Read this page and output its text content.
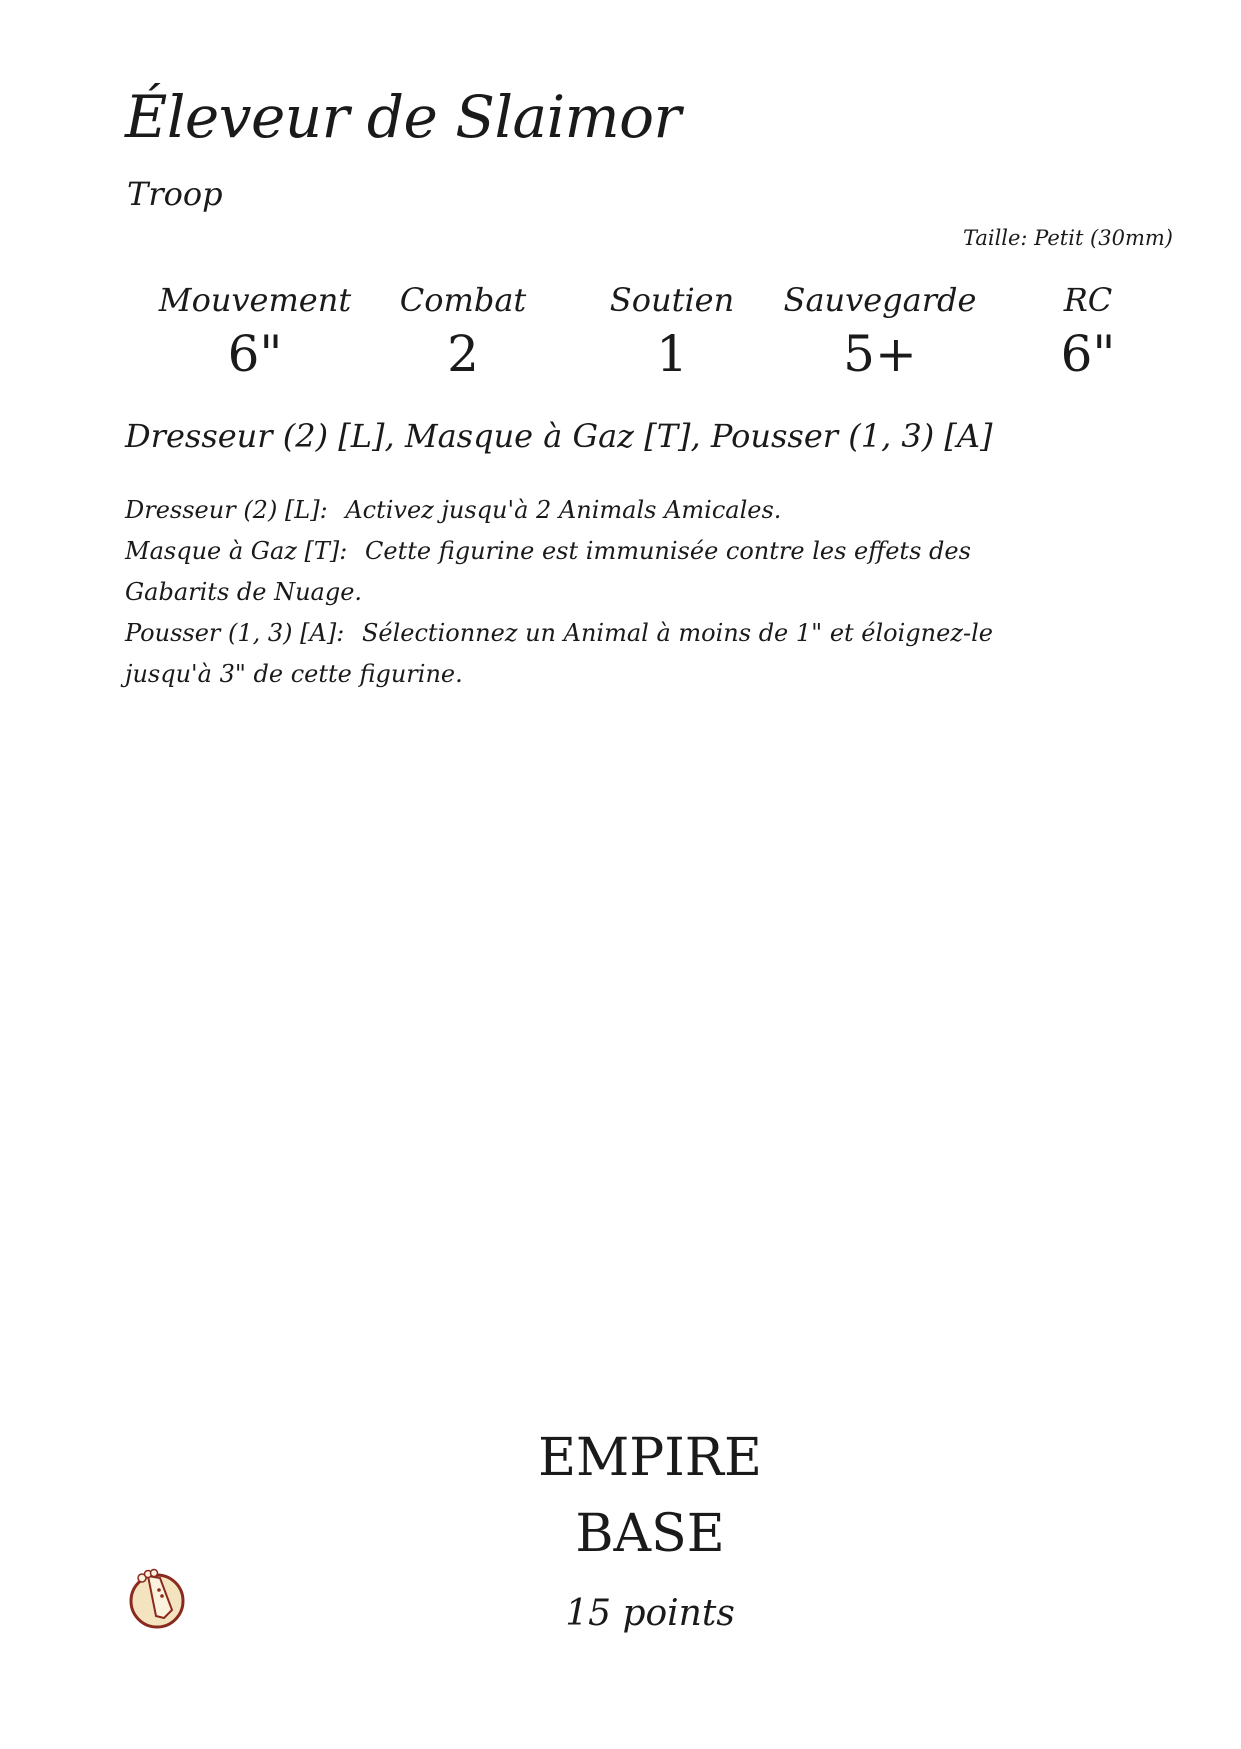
Éleveur de Slaimor
Troop
Taille: Petit (30mm)
Mouvement
6"
Combat
2
Soutien
1
Sauvegarde
5+
RC
6"
Dresseur (2) [L], Masque à Gaz [T], Pousser (1, 3) [A]

Dresseur (2) [L]: Activez jusqu'à 2 Animals Amicales.

Masque à Gaz [T]: Cette figurine est immunisée contre les effets des Gabarits de Nuage.

Pousser (1, 3) [A]: Sélectionnez un Animal à moins de 1" et éloignez-le jusqu'à 3" de cette figurine.

EMPIRE
BASE
15 points
